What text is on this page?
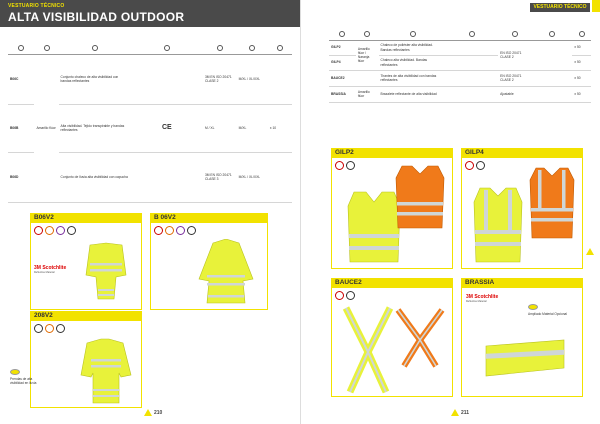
VESTUARIO TÉCNICO
ALTA VISIBILIDAD OUTDOOR

B06C	Amarillo flúor	Conjunto chaleco de alta visibilidad con bandas reflectantes		3M EN ISO 20471 CLASE 2	M/XL / XL/XXL	
B06B		Alta visibilidad. Tejido transpirable y bandas reflectantes	CE	M / XL	M/XL	x 10
B06D		Conjunto de lluvia alta visibilidad con capucha		3M EN ISO 20471 CLASE 3	M/XL / XL/XXL	
B06V2
3M Scotchlite
Reflective Material
B 06V2
208V2

Prendas de alta visibilidad en lluvia
210
VESTUARIO TÉCNICO

GILP2	Amarillo flúor / Naranja flúor	Chaleco de poliéster alta visibilidad. Bandas reflectantes		EN ISO 20471 CLASE 2		x 50
GILP4		Chaleco alta visibilidad. Bandas reflectantes				x 50
BAUCE2		Tirantes de alta visibilidad con bandas reflectantes		EN ISO 20471 CLASE 2		x 50
BRASSIA	Amarillo flúor	Brazalete reflectante de alta visibilidad		Ajustable		x 50
GILP2	GILP4
BAUCE2	BRASSIA
3M Scotchlite
Reflective Material

Ampliado Material Opcional
211
